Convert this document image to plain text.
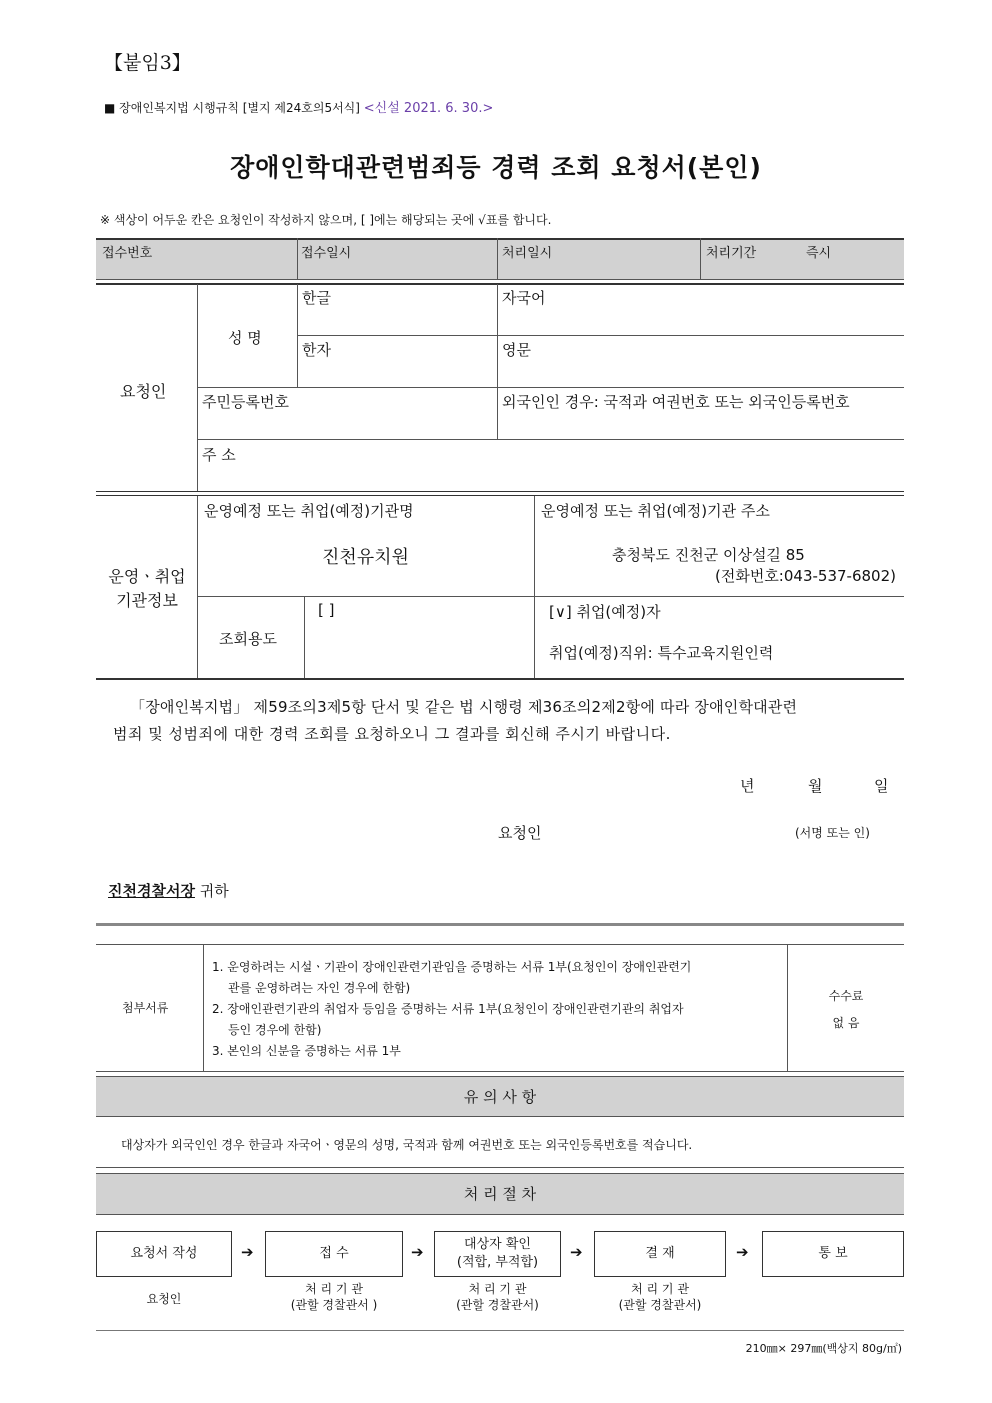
【붙임3】
■ 장애인복지법 시행규칙 [별지 제24호의5서식] <신설 2021. 6. 30.>
장애인학대관련범죄등 경력 조회 요청서(본인)
※ 색상이 어두운 칸은 요청인이 작성하지 않으며, [ ]에는 해당되는 곳에 √표를 합니다.
접수번호	접수일시	처리일시	처리기간	즉시
요청인
성 명
한글	자국어
한자	영문
주민등록번호	외국인인 경우: 국적과 여권번호 또는 외국인등록번호
주 소
운영ㆍ취업
기관정보
운영예정 또는 취업(예정)기관명
진천유치원
운영예정 또는 취업(예정)기관 주소
충청북도 진천군 이상설길 85
(전화번호:043-537-6802)
조회용도
[ ]	[∨] 취업(예정)자
취업(예정)직위: 특수교육지원인력
「장애인복지법」 제59조의3제5항 단서 및 같은 법 시행령 제36조의2제2항에 따라 장애인학대관련
범죄 및 성범죄에 대한 경력 조회를 요청하오니 그 결과를 회신해 주시기 바랍니다.
년	월	일
요청인	(서명 또는 인)
진천경찰서장 귀하
첨부서류
1. 운영하려는 시설ㆍ기관이 장애인관련기관임을 증명하는 서류 1부(요청인이 장애인관련기
관를 운영하려는 자인 경우에 한함)
2. 장애인관련기관의 취업자 등임을 증명하는 서류 1부(요청인이 장애인관련기관의 취업자
등인 경우에 한함)
3. 본인의 신분을 증명하는 서류 1부
수수료
없 음
유 의 사 항
대상자가 외국인인 경우 한글과 자국어ㆍ영문의 성명, 국적과 함께 여권번호 또는 외국인등록번호를 적습니다.
처 리 절 차
요청서 작성	접 수
대상자 확인
(적합, 부적합)
결 재	통 보
➔	➔	➔	➔
요청인
처 리 기 관
(관할 경찰관서 )
처 리 기 관
(관할 경찰관서)
처 리 기 관
(관할 경찰관서)
210㎜× 297㎜(백상지 80g/㎡)
